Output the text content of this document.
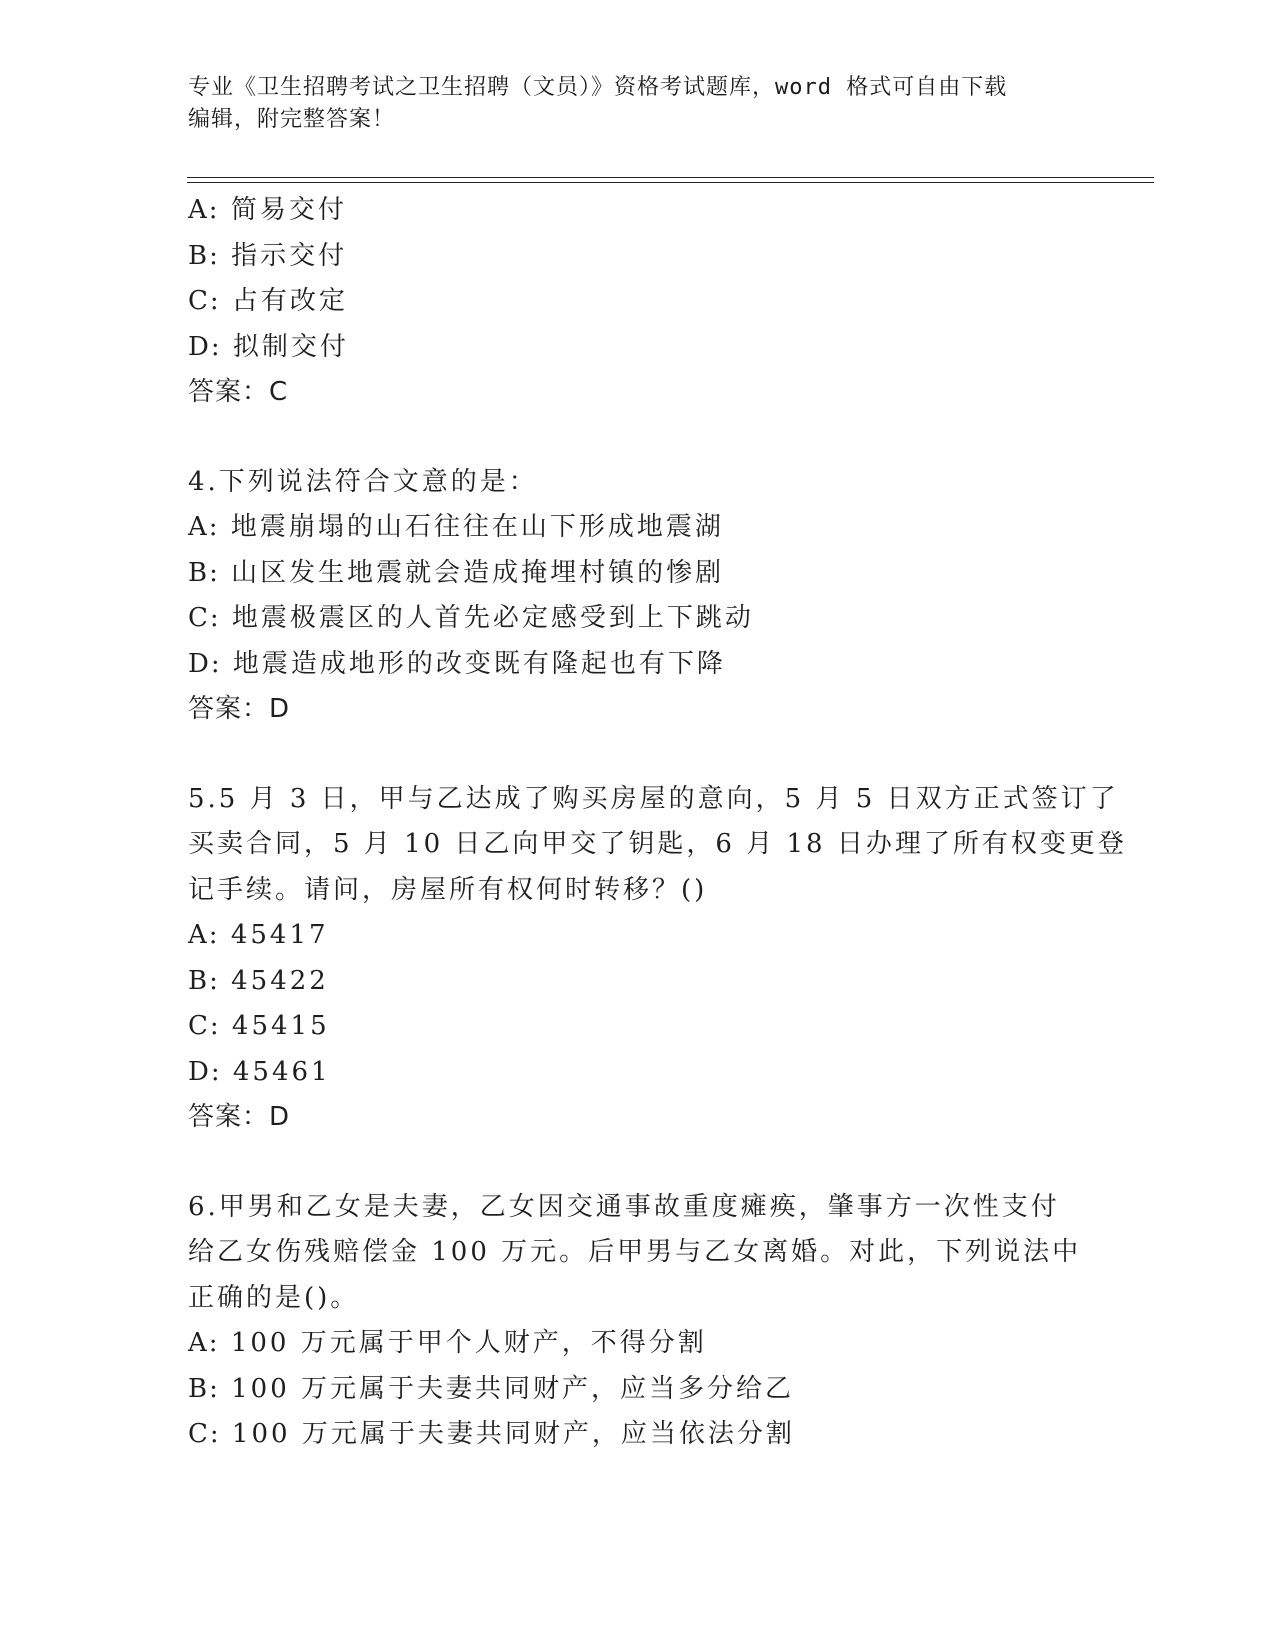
专业《卫生招聘考试之卫生招聘（文员）》资格考试题库，word 格式可自由下载
编辑，附完整答案！
A: 简易交付
B: 指示交付
C: 占有改定
D: 拟制交付
答案：C
4.下列说法符合文意的是：
A: 地震崩塌的山石往往在山下形成地震湖
B: 山区发生地震就会造成掩埋村镇的惨剧
C: 地震极震区的人首先必定感受到上下跳动
D: 地震造成地形的改变既有隆起也有下降
答案：D
5.5 月 3 日，甲与乙达成了购买房屋的意向，5 月 5 日双方正式签订了
买卖合同，5 月 10 日乙向甲交了钥匙，6 月 18 日办理了所有权变更登
记手续。请问，房屋所有权何时转移？()
A: 45417
B: 45422
C: 45415
D: 45461
答案：D
6.甲男和乙女是夫妻，乙女因交通事故重度瘫痪，肇事方一次性支付
给乙女伤残赔偿金 100 万元。后甲男与乙女离婚。对此，下列说法中
正确的是()。
A: 100 万元属于甲个人财产，不得分割
B: 100 万元属于夫妻共同财产，应当多分给乙
C: 100 万元属于夫妻共同财产，应当依法分割
